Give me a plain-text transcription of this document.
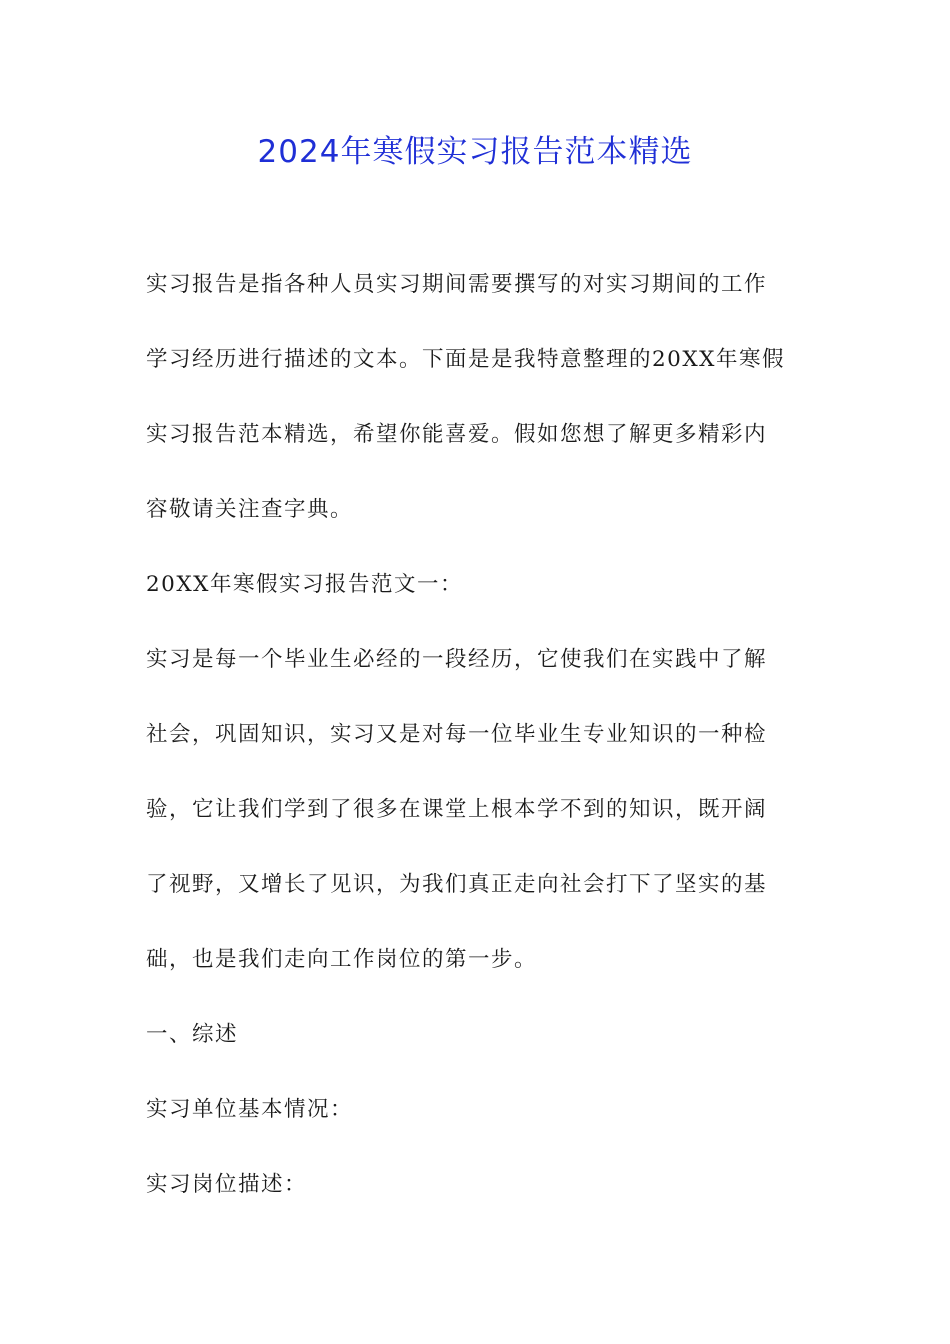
2024年寒假实习报告范本精选
实习报告是指各种人员实习期间需要撰写的对实习期间的工作
学习经历进行描述的文本。下面是是我特意整理的20XX年寒假
实习报告范本精选，希望你能喜爱。假如您想了解更多精彩内
容敬请关注查字典。
20XX年寒假实习报告范文一：
实习是每一个毕业生必经的一段经历，它使我们在实践中了解
社会，巩固知识，实习又是对每一位毕业生专业知识的一种检
验，它让我们学到了很多在课堂上根本学不到的知识，既开阔
了视野，又增长了见识，为我们真正走向社会打下了坚实的基
础，也是我们走向工作岗位的第一步。
一、综述
实习单位基本情况：
实习岗位描述：
